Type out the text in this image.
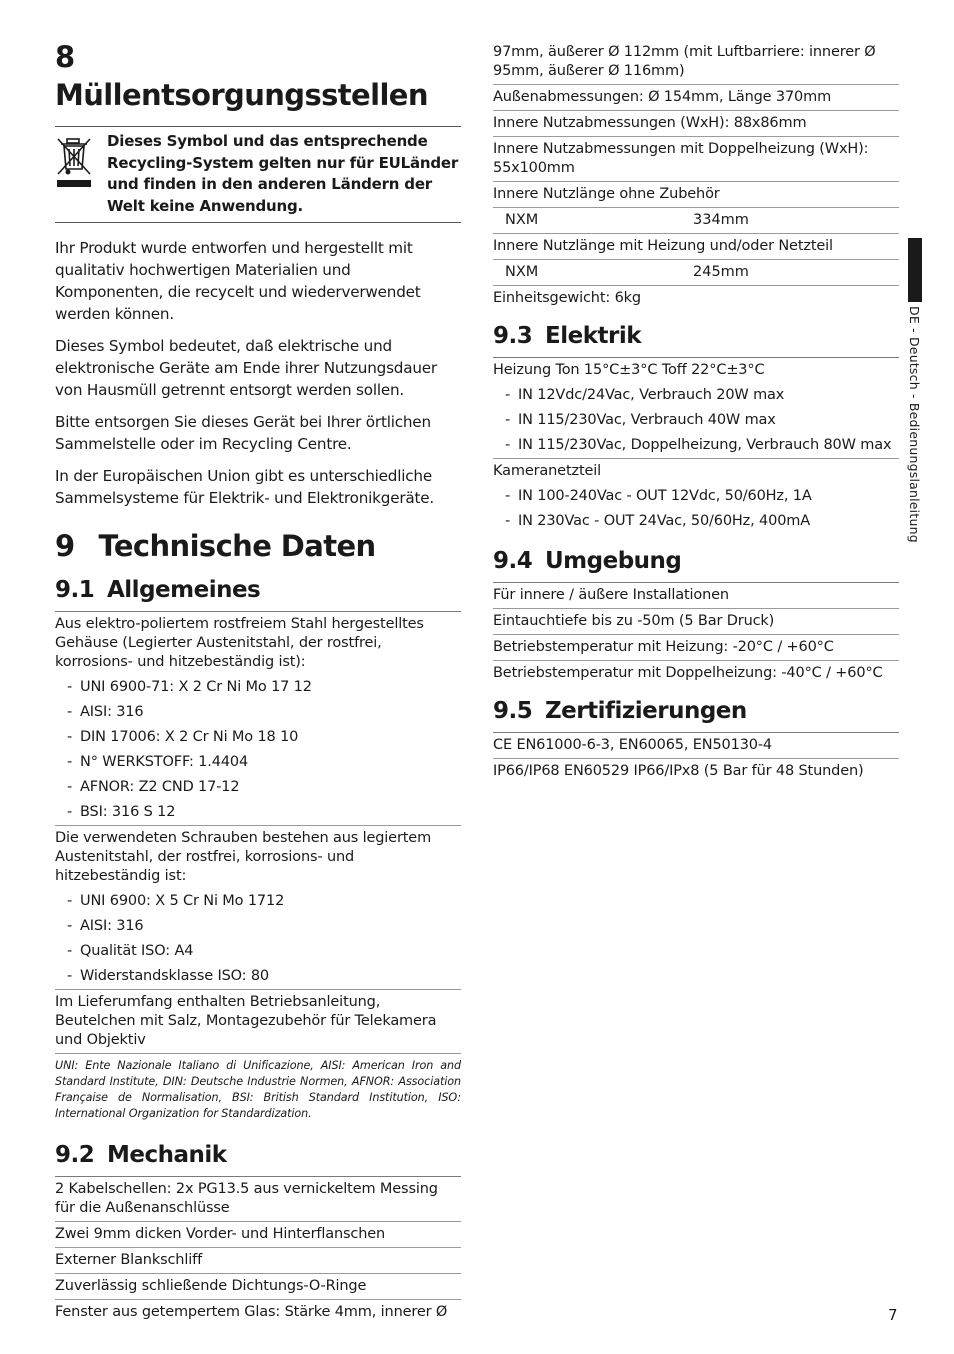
8 Müllentsorgungsstellen
Dieses Symbol und das entsprechende Recycling-System gelten nur für EULänder und finden in den anderen Ländern der Welt keine Anwendung.

Ihr Produkt wurde entworfen und hergestellt mit qualitativ hochwertigen Materialien und Komponenten, die recycelt und wiederverwendet werden können.

Dieses Symbol bedeutet, daß elektrische und elektronische Geräte am Ende ihrer Nutzungsdauer von Hausmüll getrennt entsorgt werden sollen.

Bitte entsorgen Sie dieses Gerät bei Ihrer örtlichen Sammelstelle oder im Recycling Centre.

In der Europäischen Union gibt es unterschiedliche Sammelsysteme für Elektrik- und Elektronikgeräte.

9 Technische Daten
9.1 Allgemeines
Aus elektro-poliertem rostfreiem Stahl hergestelltes Gehäuse (Legierter Austenitstahl, der rostfrei, korrosions- und hitzebeständig ist):
- UNI 6900-71: X 2 Cr Ni Mo 17 12
- AISI: 316
- DIN 17006: X 2 Cr Ni Mo 18 10
- N° WERKSTOFF: 1.4404
- AFNOR: Z2 CND 17-12
- BSI: 316 S 12
Die verwendeten Schrauben bestehen aus legiertem Austenitstahl, der rostfrei, korrosions- und hitzebeständig ist:
- UNI 6900: X 5 Cr Ni Mo 1712
- AISI: 316
- Qualität ISO: A4
- Widerstandsklasse ISO: 80
Im Lieferumfang enthalten Betriebsanleitung, Beutelchen mit Salz, Montagezubehör für Telekamera und Objektiv
UNI: Ente Nazionale Italiano di Unificazione, AISI: American Iron and Standard Institute, DIN: Deutsche Industrie Normen, AFNOR: Association Française de Normalisation, BSI: British Standard Institution, ISO: International Organization for Standardization.
9.2 Mechanik
2 Kabelschellen: 2x PG13.5 aus vernickeltem Messing für die Außenanschlüsse
Zwei 9mm dicken Vorder- und Hinterflanschen
Externer Blankschliff
Zuverlässig schließende Dichtungs-O-Ringe
Fenster aus getempertem Glas: Stärke 4mm, innerer Ø
97mm, äußerer Ø 112mm (mit Luftbarriere: innerer Ø 95mm, äußerer Ø 116mm)
Außenabmessungen: Ø 154mm, Länge 370mm
Innere Nutzabmessungen (WxH): 88x86mm
Innere Nutzabmessungen mit Doppelheizung (WxH): 55x100mm
Innere Nutzlänge ohne Zubehör
NXM	334mm
Innere Nutzlänge mit Heizung und/oder Netzteil
NXM	245mm
Einheitsgewicht: 6kg
9.3 Elektrik
Heizung Ton 15°C±3°C Toff 22°C±3°C
- IN 12Vdc/24Vac, Verbrauch 20W max
- IN 115/230Vac, Verbrauch 40W max
- IN 115/230Vac, Doppelheizung, Verbrauch 80W max
Kameranetzteil
- IN 100-240Vac - OUT 12Vdc, 50/60Hz, 1A
- IN 230Vac - OUT 24Vac, 50/60Hz, 400mA
9.4 Umgebung
Für innere / äußere Installationen
Eintauchtiefe bis zu -50m (5 Bar Druck)
Betriebstemperatur mit Heizung: -20°C / +60°C
Betriebstemperatur mit Doppelheizung: -40°C / +60°C
9.5 Zertifizierungen
CE EN61000-6-3, EN60065, EN50130-4
IP66/IP68 EN60529 IP66/IPx8 (5 Bar für 48 Stunden)
DE - Deutsch - Bedienungslanleitung
7
